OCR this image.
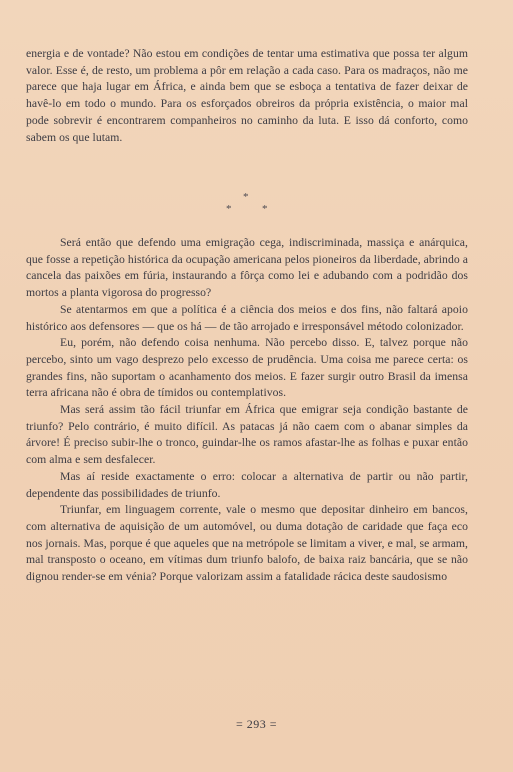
energia e de vontade? Não estou em condições de tentar uma estimativa que possa ter algum valor. Esse é, de resto, um problema a pôr em relação a cada caso. Para os madraços, não me parece que haja lugar em África, e ainda bem que se esboça a tentativa de fazer deixar de havê-lo em todo o mundo. Para os esforçados obreiros da própria existência, o maior mal pode sobrevir é encontrarem companheiros no caminho da luta. E isso dá conforto, como sabem os que lutam.

*
*	*

Será então que defendo uma emigração cega, indiscriminada, massiça e anárquica, que fosse a repetição histórica da ocupação americana pelos pioneiros da liberdade, abrindo a cancela das paixões em fúria, instaurando a fôrça como lei e adubando com a podridão dos mortos a planta vigorosa do progresso?

Se atentarmos em que a política é a ciência dos meios e dos fins, não faltará apoio histórico aos defensores — que os há — de tão arrojado e irresponsável método colonizador.

Eu, porém, não defendo coisa nenhuma. Não percebo disso. E, talvez porque não percebo, sinto um vago desprezo pelo excesso de prudência. Uma coisa me parece certa: os grandes fins, não suportam o acanhamento dos meios. E fazer surgir outro Brasil da imensa terra africana não é obra de tímidos ou contemplativos.

Mas será assim tão fácil triunfar em África que emigrar seja condição bastante de triunfo? Pelo contrário, é muito difícil. As patacas já não caem com o abanar simples da árvore! É preciso subir-lhe o tronco, guindar-lhe os ramos afastar-lhe as folhas e puxar então com alma e sem desfalecer.

Mas aí reside exactamente o erro: colocar a alternativa de partir ou não partir, dependente das possibilidades de triunfo.

Triunfar, em linguagem corrente, vale o mesmo que depositar dinheiro em bancos, com alternativa de aquisição de um automóvel, ou duma dotação de caridade que faça eco nos jornais. Mas, porque é que aqueles que na metrópole se limitam a viver, e mal, se armam, mal transposto o oceano, em vítimas dum triunfo balofo, de baixa raiz bancária, que se não dignou render-se em vénia? Porque valorizam assim a fatalidade rácica deste saudosismo

= 293 =
